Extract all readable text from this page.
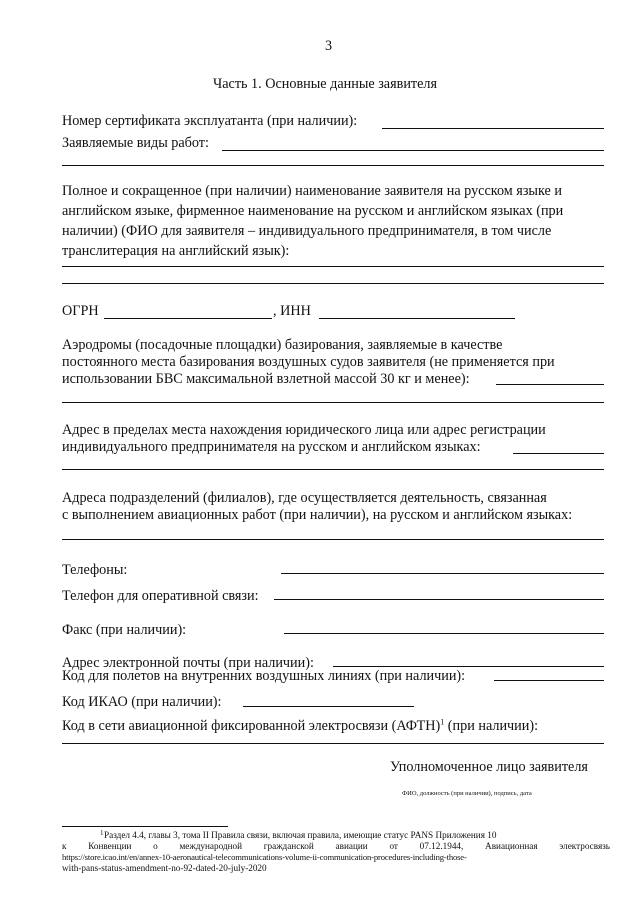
3
Часть 1. Основные данные заявителя
Номер сертификата эксплуатанта (при наличии):
Заявляемые виды работ:
Полное и сокращенное (при наличии) наименование заявителя на русском языке и
английском языке, фирменное наименование на русском и английском языках (при
наличии) (ФИО для заявителя – индивидуального предпринимателя, в том числе
транслитерация на английский язык):
ОГРН	, ИНН
Аэродромы (посадочные площадки) базирования, заявляемые в качестве
постоянного места базирования воздушных судов заявителя (не применяется при
использовании БВС максимальной взлетной массой 30 кг и менее):
Адрес в пределах места нахождения юридического лица или адрес регистрации
индивидуального предпринимателя на русском и английском языках:
Адреса подразделений (филиалов), где осуществляется деятельность, связанная
с выполнением авиационных работ (при наличии), на русском и английском языках:
Телефоны:
Телефон для оперативной связи:
Факс (при наличии):
Адрес электронной почты (при наличии):
Код для полетов на внутренних воздушных линиях (при наличии):
Код ИКАО (при наличии):
Код в сети авиационной фиксированной электросвязи (АФТН)$^1$ (при наличии):
Уполномоченное лицо заявителя
ФИО, должность (при наличии), подпись, дата
1 Раздел 4.4, главы 3, тома II Правила связи, включая правила, имеющие статус PANS Приложения 10
к Конвенции о международной гражданской авиации от 07.12.1944, Авиационная электросвязь
https://store.icao.int/en/annex-10-aeronautical-telecommunications-volume-ii-communication-procedures-including-those-
with-pans-status-amendment-no-92-dated-20-july-2020
